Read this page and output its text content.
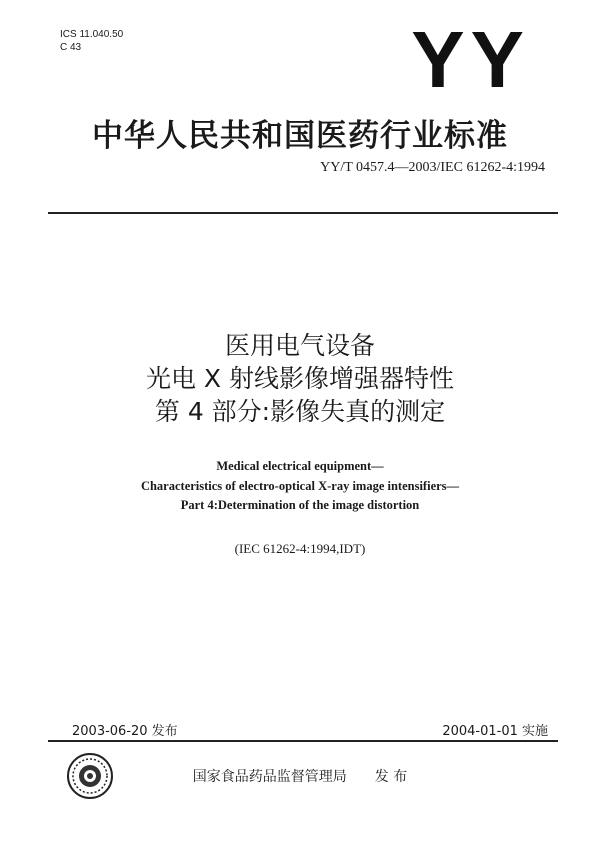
ICS 11.040.50
C 43	YY
中华人民共和国医药行业标准
YY/T 0457.4—2003/IEC 61262-4:1994
医用电气设备
光电 X 射线影像增强器特性
第 4 部分:影像失真的测定
Medical electrical equipment—
Characteristics of electro-optical X-ray image intensifiers—
Part 4:Determination of the image distortion
(IEC 61262-4:1994,IDT)
2003-06-20 发布	2004-01-01 实施
国家食品药品监督管理局　　发 布
